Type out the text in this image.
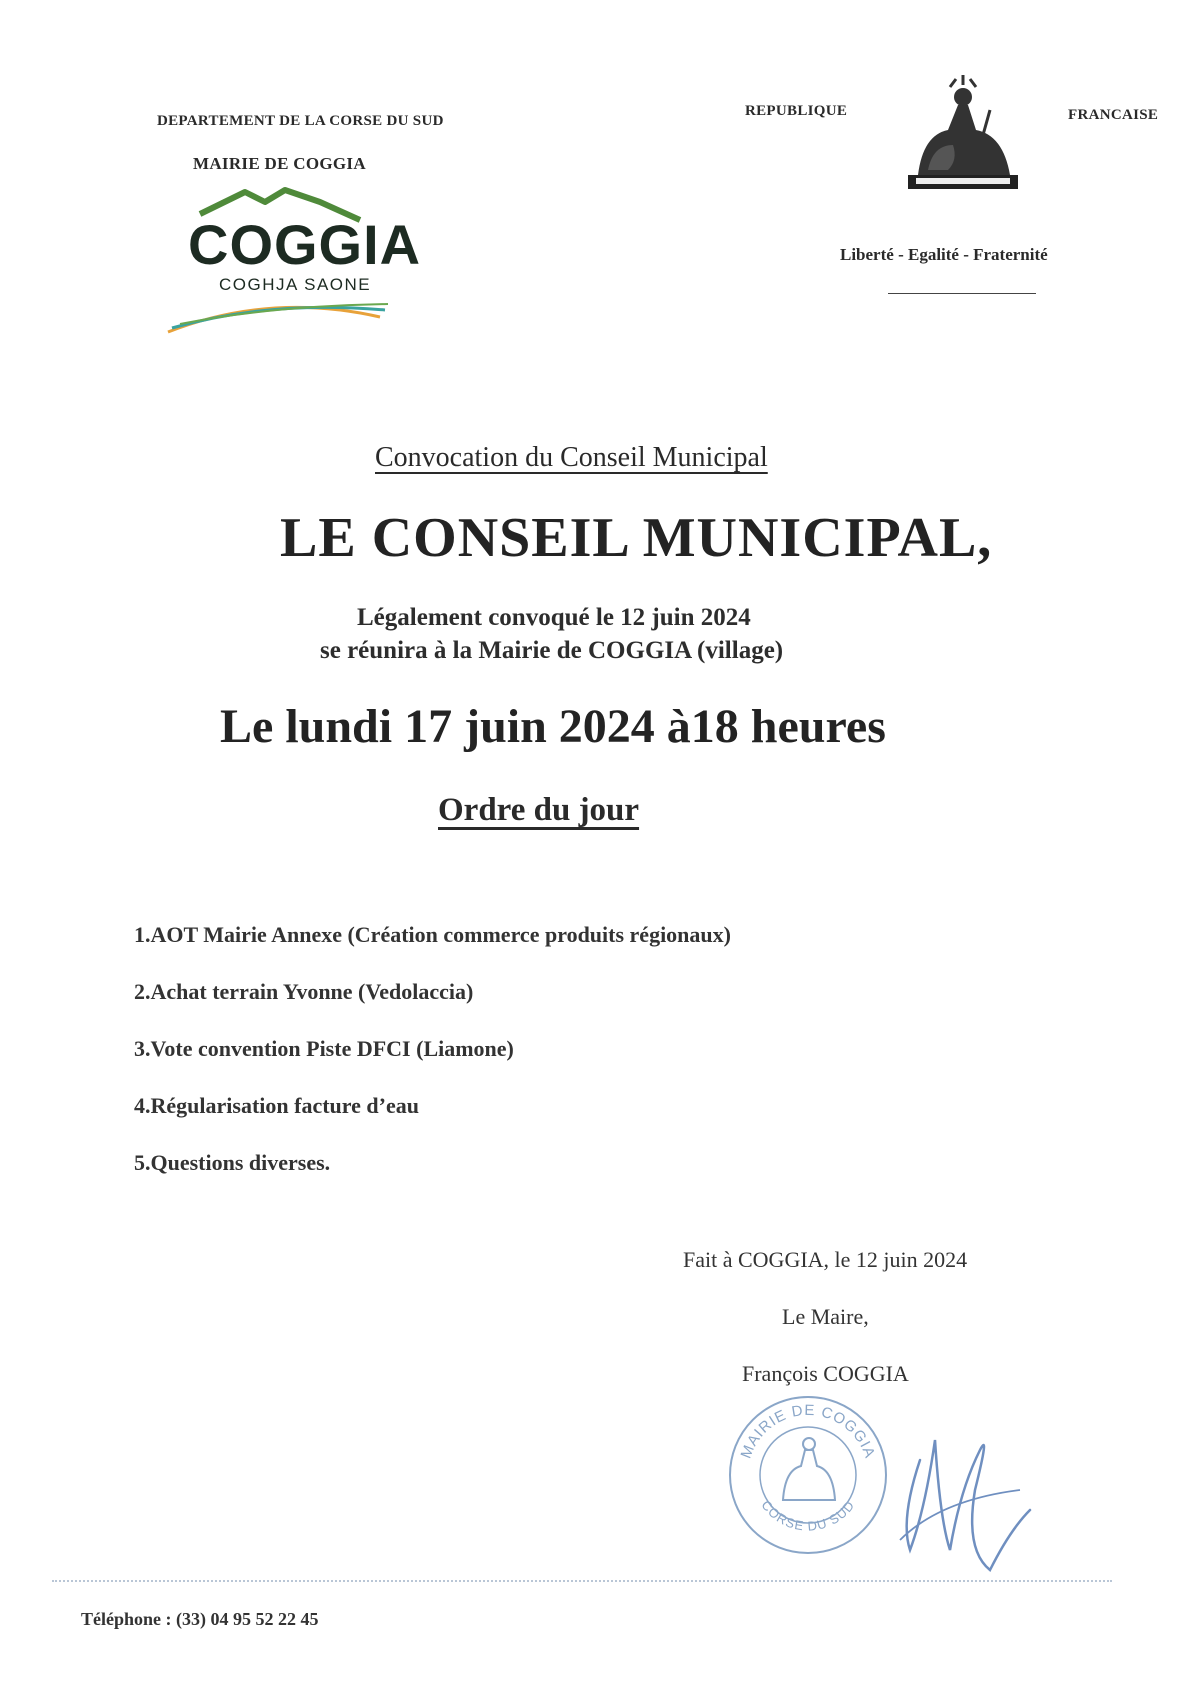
DEPARTEMENT DE LA CORSE DU SUD
MAIRIE DE COGGIA
COGGIA
COGHJA SAONE
REPUBLIQUE	FRANCAISE
Liberté - Egalité - Fraternité
Convocation du Conseil Municipal
LE CONSEIL MUNICIPAL,
Légalement convoqué le 12 juin 2024
se réunira à la Mairie de COGGIA (village)
Le lundi 17 juin 2024 à18 heures
Ordre du jour
1.AOT Mairie Annexe (Création commerce produits régionaux)
2.Achat terrain Yvonne (Vedolaccia)
3.Vote convention Piste DFCI (Liamone)
4.Régularisation facture d’eau
5.Questions diverses.
Fait à COGGIA, le 12 juin 2024
Le Maire,
François COGGIA
MAIRIE DE COGGIA
CORSE DU SUD
Téléphone : (33) 04 95 52 22 45
